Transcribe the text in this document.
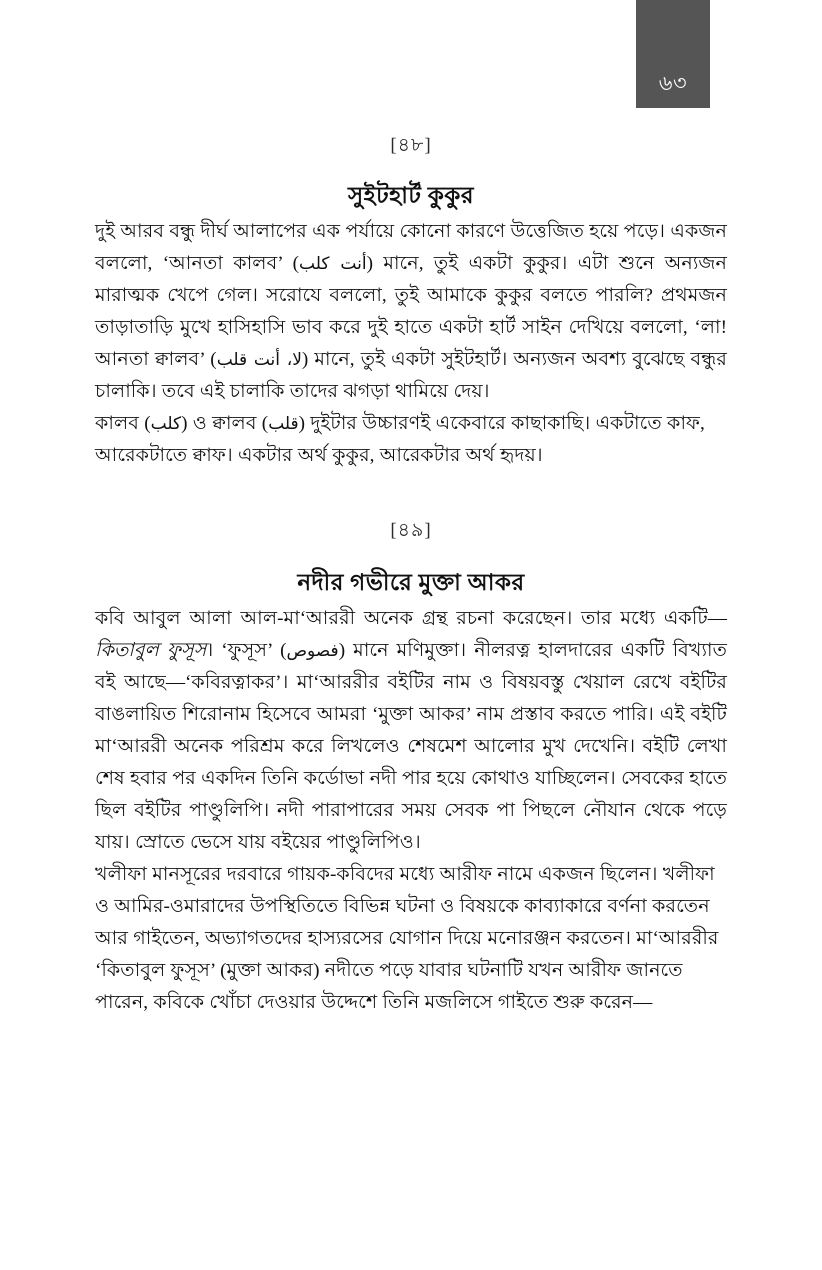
৬৩
[৪৮]
সুইটহার্ট কুকুর

দুই আরব বন্ধু দীর্ঘ আলাপের এক পর্যায়ে কোনো কারণে উত্তেজিত হয়ে পড়ে। একজন বললো, ‘আনতা কালব’ (أنت كلب) মানে, তুই একটা কুকুর। এটা শুনে অন্যজন মারাত্মক খেপে গেল। সরোযে বললো, তুই আমাকে কুকুর বলতে পারলি? প্রথমজন তাড়াতাড়ি মুখে হাসিহাসি ভাব করে দুই হাতে একটা হার্ট সাইন দেখিয়ে বললো, ‘লা! আনতা ক্বালব’ (لا، أنت قلب) মানে, তুই একটা সুইটহার্ট। অন্যজন অবশ্য বুঝেছে বন্ধুর চালাকি। তবে এই চালাকি তাদের ঝগড়া থামিয়ে দেয়।

কালব (كلب) ও ক্বালব (قلب) দুইটার উচ্চারণই একেবারে কাছাকাছি। একটাতে কাফ, আরেকটাতে ক্বাফ। একটার অর্থ কুকুর, আরেকটার অর্থ হৃদয়।

[৪৯]
নদীর গভীরে মুক্তা আকর

কবি আবুল আলা আল-মা‘আররী অনেক গ্রন্থ রচনা করেছেন। তার মধ্যে একটি— কিতাবুল ফুসূস। ‘ফুসূস’ (فصوص) মানে মণিমুক্তা। নীলরত্ন হালদারের একটি বিখ্যাত বই আছে—‘কবিরত্নাকর’। মা‘আররীর বইটির নাম ও বিষয়বস্তু খেয়াল রেখে বইটির বাঙলায়িত শিরোনাম হিসেবে আমরা ‘মুক্তা আকর’ নাম প্রস্তাব করতে পারি। এই বইটি মা‘আররী অনেক পরিশ্রম করে লিখলেও শেষমেশ আলোর মুখ দেখেনি। বইটি লেখা শেষ হবার পর একদিন তিনি কর্ডোভা নদী পার হয়ে কোথাও যাচ্ছিলেন। সেবকের হাতে ছিল বইটির পাণ্ডুলিপি। নদী পারাপারের সময় সেবক পা পিছলে নৌযান থেকে পড়ে যায়। স্রোতে ভেসে যায় বইয়ের পাণ্ডুলিপিও।

খলীফা মানসূরের দরবারে গায়ক-কবিদের মধ্যে আরীফ নামে একজন ছিলেন। খলীফা ও আমির-ওমারাদের উপস্থিতিতে বিভিন্ন ঘটনা ও বিষয়কে কাব্যাকারে বর্ণনা করতেন আর গাইতেন, অভ্যাগতদের হাস্যরসের যোগান দিয়ে মনোরঞ্জন করতেন। মা‘আররীর ‘কিতাবুল ফুসূস’ (মুক্তা আকর) নদীতে পড়ে যাবার ঘটনাটি যখন আরীফ জানতে পারেন, কবিকে খোঁচা দেওয়ার উদ্দেশে তিনি মজলিসে গাইতে শুরু করেন—
